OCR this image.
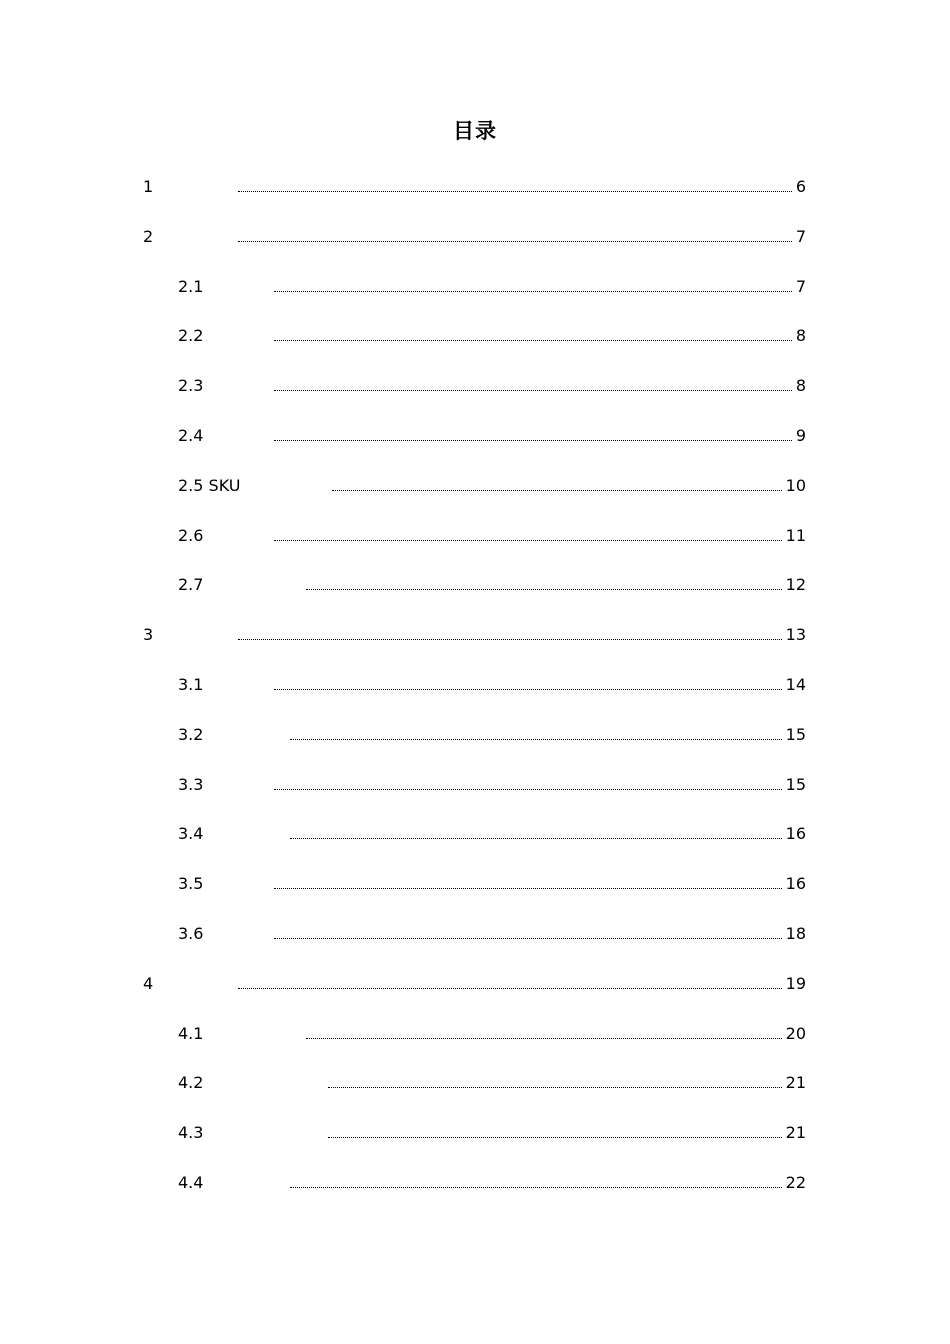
目录
1	6
2	7
2.1	7
2.2	8
2.3	8
2.4	9
2.5 SKU	10
2.6	11
2.7	12
3	13
3.1	14
3.2	15
3.3	15
3.4	16
3.5	16
3.6	18
4	19
4.1	20
4.2	21
4.3	21
4.4	22
